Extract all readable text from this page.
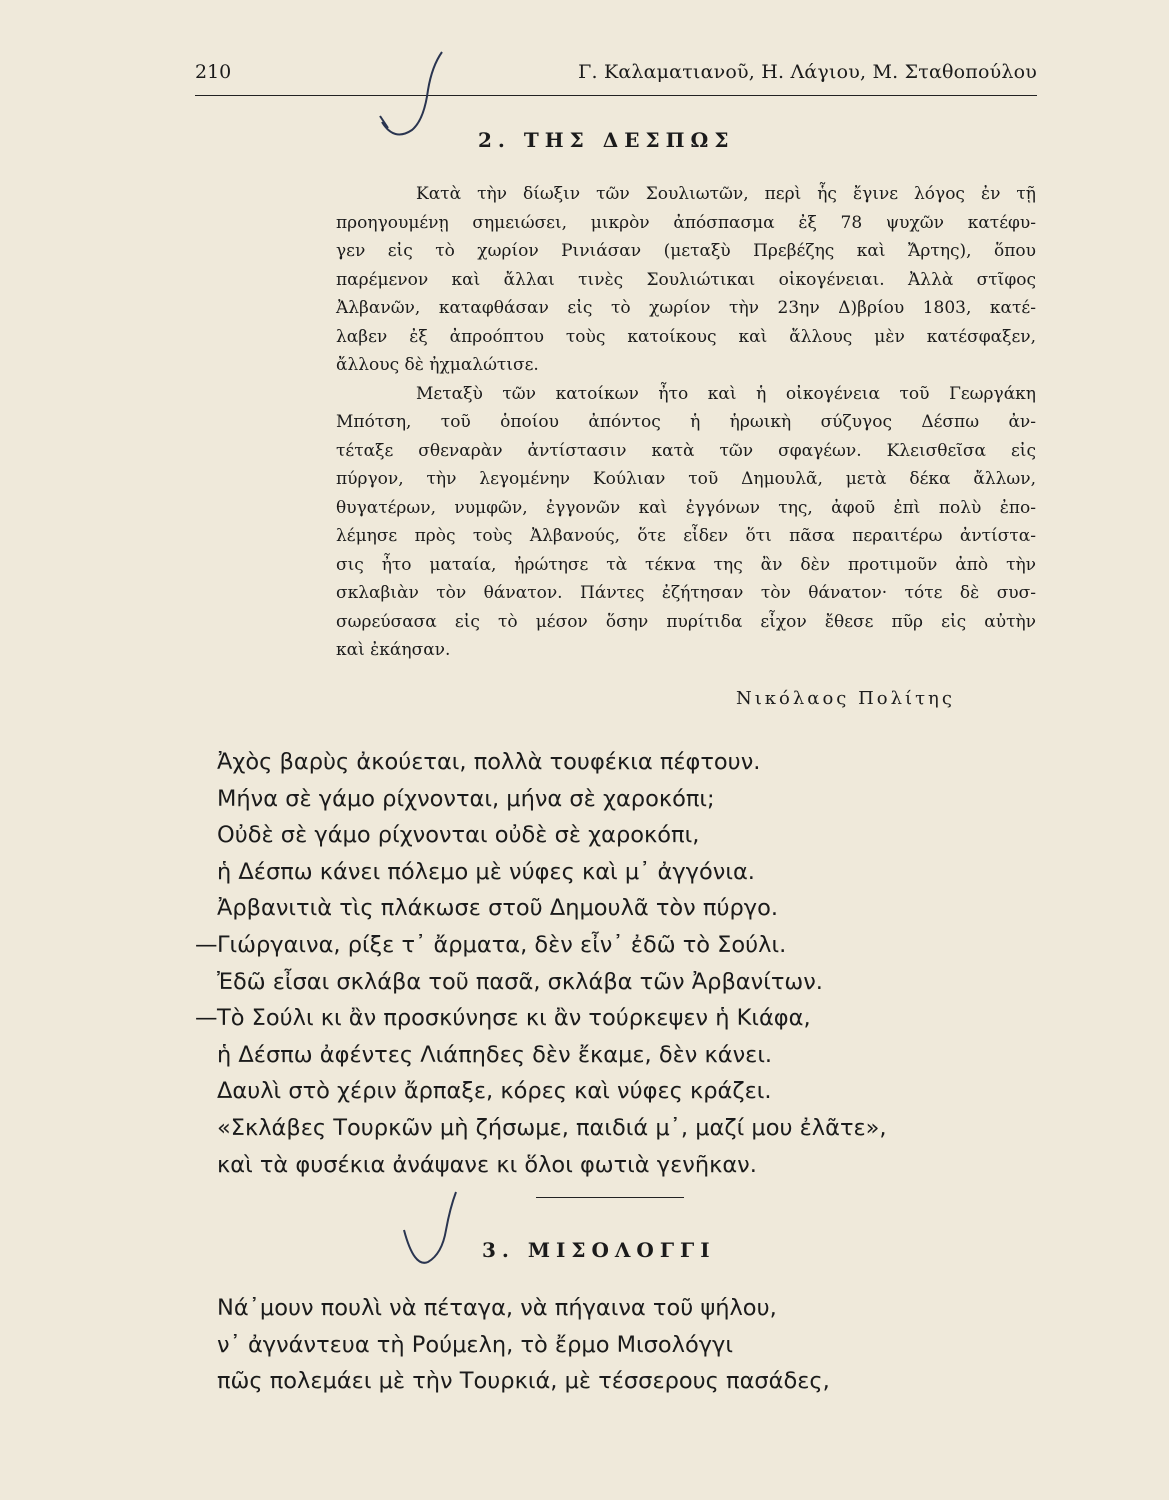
210	Γ. Καλαματιανοῦ, Η. Λάγιου, Μ. Σταθοπούλου
2. ΤΗΣ ΔΕΣΠΩΣ
Κατὰ τὴν δίωξιν τῶν Σουλιωτῶν, περὶ ἧς ἔγινε λόγος ἐν τῇ
προηγουμένῃ σημειώσει, μικρὸν ἀπόσπασμα ἐξ 78 ψυχῶν κατέφυ-
γεν εἰς τὸ χωρίον Ρινιάσαν (μεταξὺ Πρεβέζης καὶ Ἄρτης), ὅπου
παρέμενον καὶ ἄλλαι τινὲς Σουλιώτικαι οἰκογένειαι. Ἀλλὰ στῖφος
Ἀλβανῶν, καταφθάσαν εἰς τὸ χωρίον τὴν 23ην Δ)βρίου 1803, κατέ-
λαβεν ἐξ ἀπροόπτου τοὺς κατοίκους καὶ ἄλλους μὲν κατέσφαξεν,
ἄλλους δὲ ἠχμαλώτισε.
Μεταξὺ τῶν κατοίκων ἦτο καὶ ἡ οἰκογένεια τοῦ Γεωργάκη
Μπότση, τοῦ ὁποίου ἀπόντος ἡ ἡρωικὴ σύζυγος Δέσπω ἀν-
τέταξε σθεναρὰν ἀντίστασιν κατὰ τῶν σφαγέων. Κλεισθεῖσα εἰς
πύργον, τὴν λεγομένην Κούλιαν τοῦ Δημουλᾶ, μετὰ δέκα ἄλλων,
θυγατέρων, νυμφῶν, ἐγγονῶν καὶ ἐγγόνων της, ἀφοῦ ἐπὶ πολὺ ἐπο-
λέμησε πρὸς τοὺς Ἀλβανούς, ὅτε εἶδεν ὅτι πᾶσα περαιτέρω ἀντίστα-
σις ἦτο ματαία, ἠρώτησε τὰ τέκνα της ἂν δὲν προτιμοῦν ἀπὸ τὴν
σκλαβιὰν τὸν θάνατον. Πάντες ἐζήτησαν τὸν θάνατον· τότε δὲ συσ-
σωρεύσασα εἰς τὸ μέσον ὅσην πυρίτιδα εἶχον ἔθεσε πῦρ εἰς αὐτὴν
καὶ ἐκάησαν.
Νικόλαος Πολίτης
Ἀχὸς βαρὺς ἀκούεται, πολλὰ τουφέκια πέφτουν.
Μήνα σὲ γάμο ρίχνονται, μήνα σὲ χαροκόπι;
Οὐδὲ σὲ γάμο ρίχνονται οὐδὲ σὲ χαροκόπι,
ἡ Δέσπω κάνει πόλεμο μὲ νύφες καὶ μ᾽ ἀγγόνια.
Ἀρβανιτιὰ τὶς πλάκωσε στοῦ Δημουλᾶ τὸν πύργο.
—Γιώργαινα, ρίξε τ᾽ ἄρματα, δὲν εἶν᾽ ἐδῶ τὸ Σούλι.
Ἐδῶ εἶσαι σκλάβα τοῦ πασᾶ, σκλάβα τῶν Ἀρβανίτων.
—Τὸ Σούλι κι ἂν προσκύνησε κι ἂν τούρκεψεν ἡ Κιάφα,
ἡ Δέσπω ἀφέντες Λιάπηδες δὲν ἔκαμε, δὲν κάνει.
Δαυλὶ στὸ χέριν ἄρπαξε, κόρες καὶ νύφες κράζει.
«Σκλάβες Τουρκῶν μὴ ζήσωμε, παιδιά μ᾽, μαζί μου ἐλᾶτε»,
καὶ τὰ φυσέκια ἀνάψανε κι ὅλοι φωτιὰ γενῆκαν.
3. ΜΙΣΟΛΟΓΓΙ
Νά᾽μουν πουλὶ νὰ πέταγα, νὰ πήγαινα τοῦ ψήλου,
ν᾽ ἀγνάντευα τὴ Ρούμελη, τὸ ἔρμο Μισολόγγι
πῶς πολεμάει μὲ τὴν Τουρκιά, μὲ τέσσερους πασάδες,
